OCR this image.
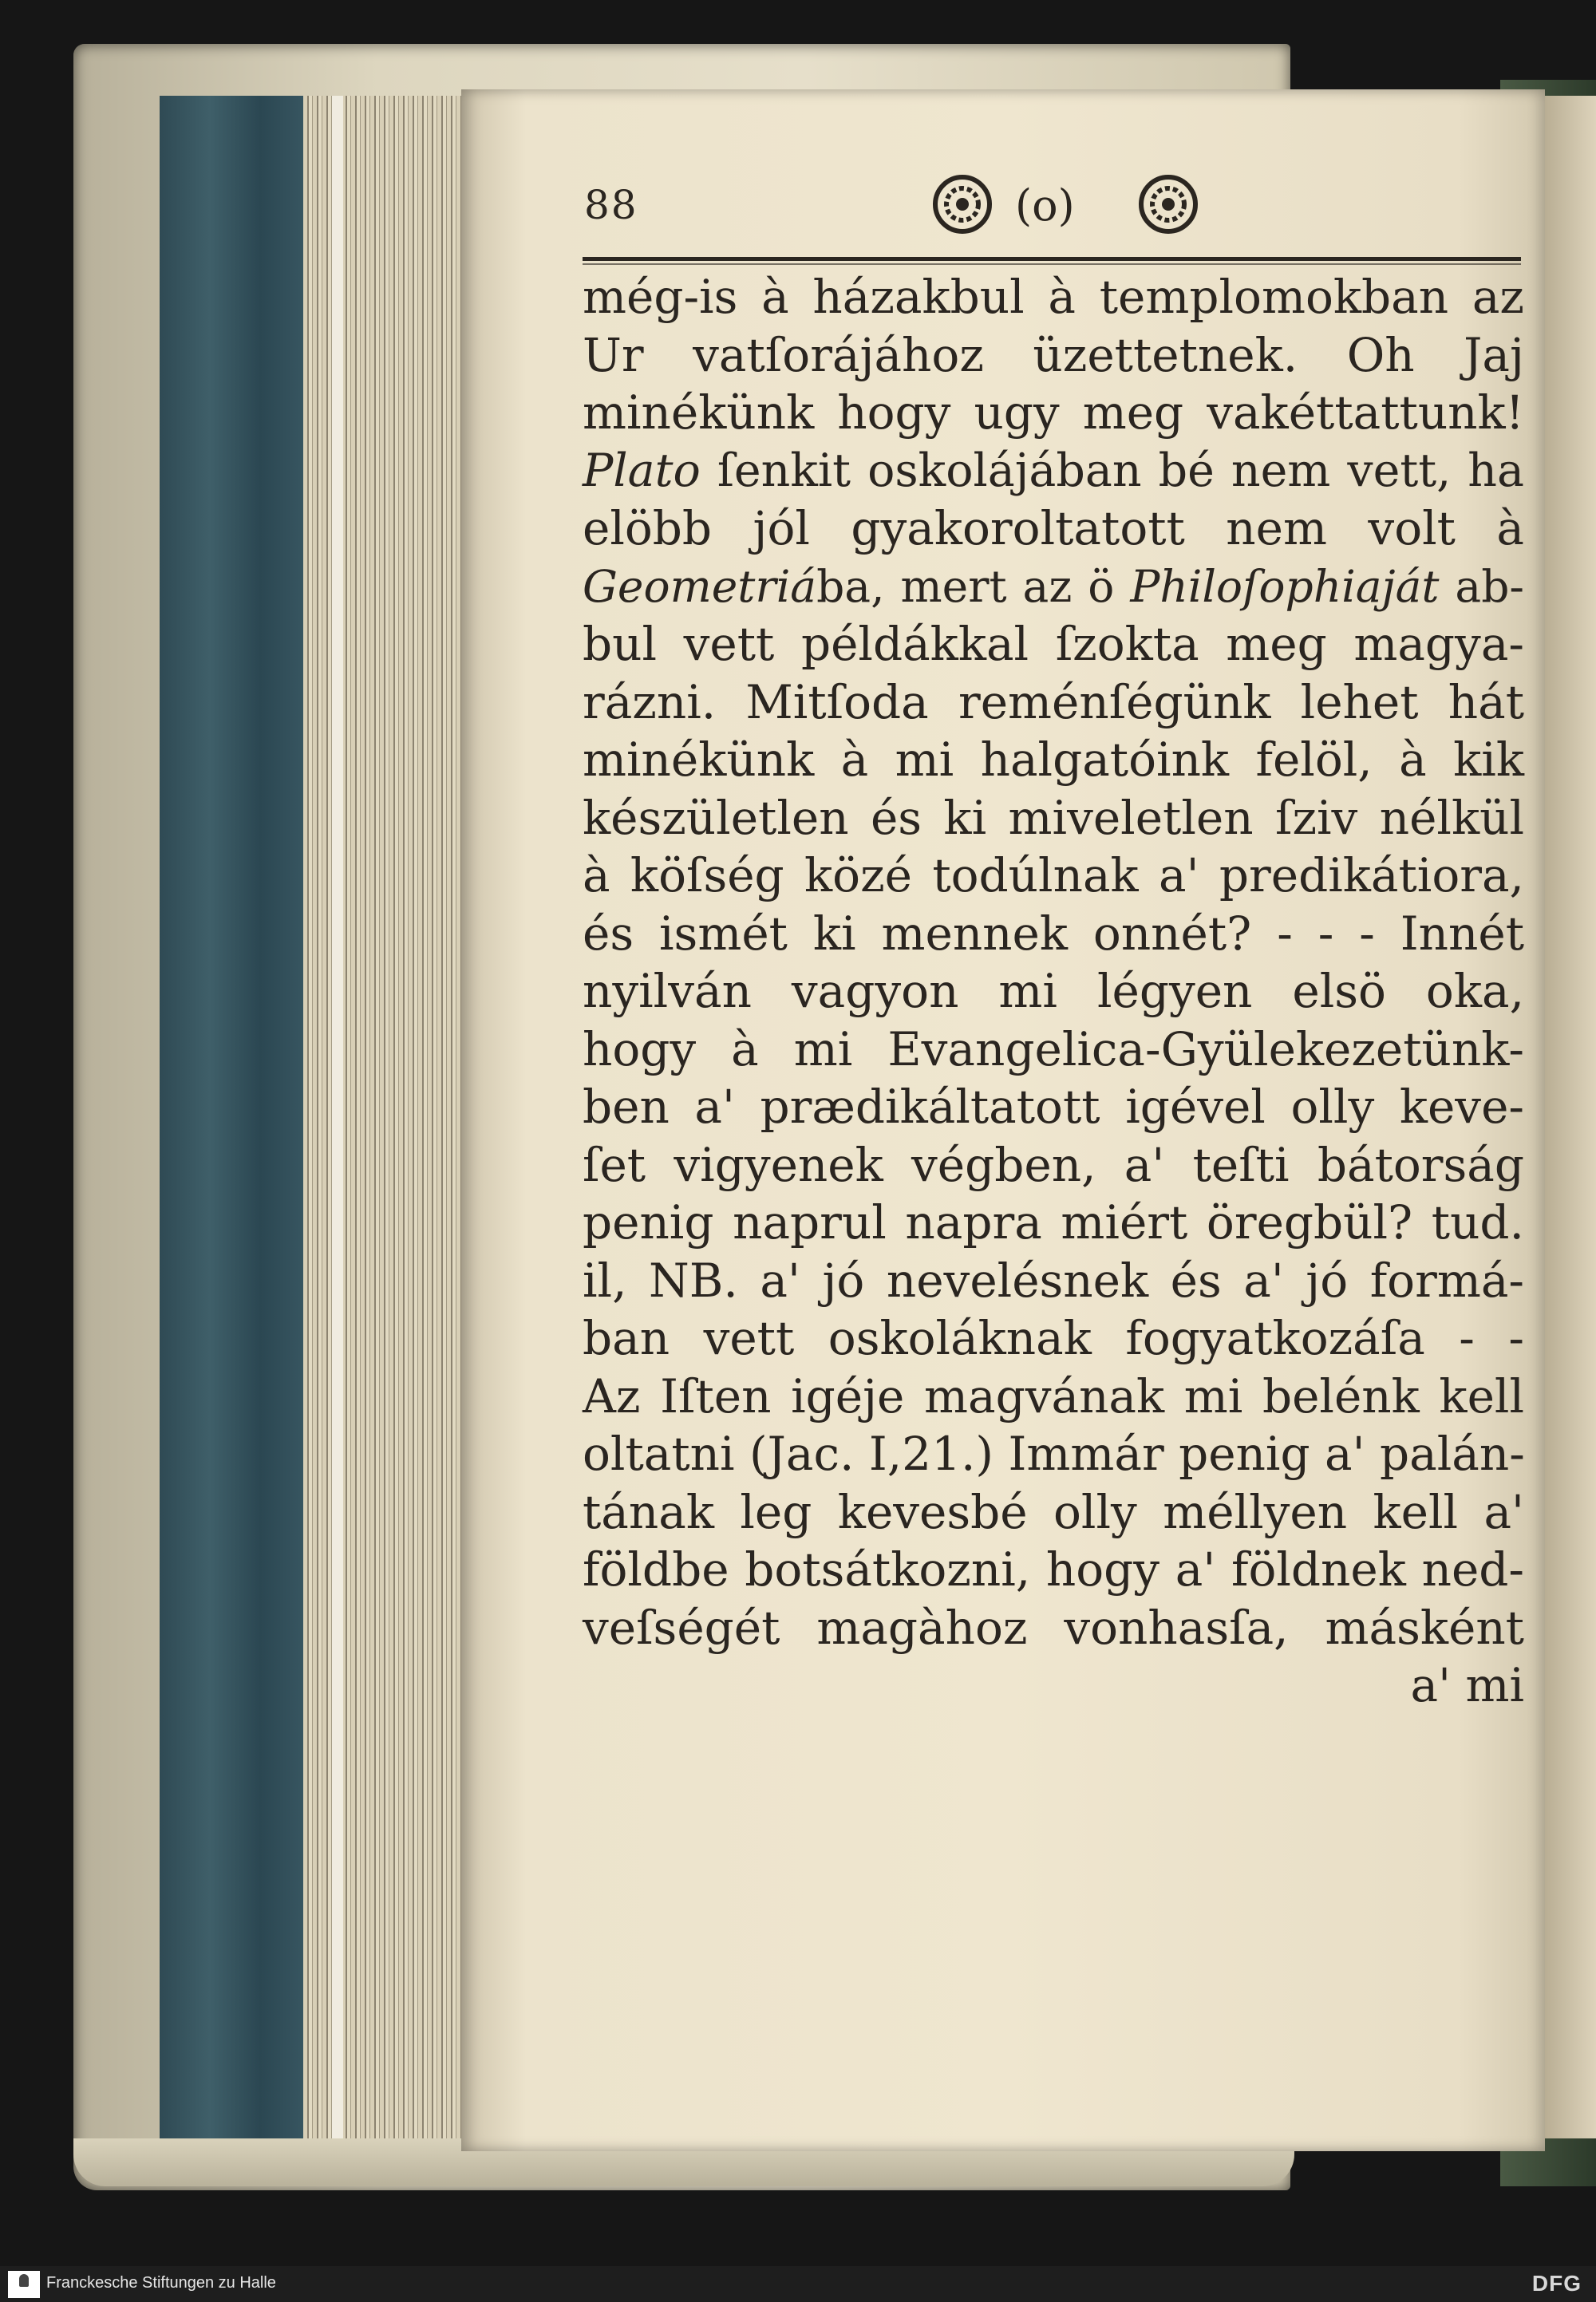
88	(o)
még-is à házakbul à templomokban az
Ur vatſorájához üzettetnek. Oh Jaj
minékünk hogy ugy meg vakéttattunk!
Plato ſenkit oskolájában bé nem vett, ha
elöbb jól gyakoroltatott nem volt à
Geometriába, mert az ö Philoſophiaját ab-
bul vett példákkal ſzokta meg magya-
rázni. Mitſoda reménſégünk lehet hát
minékünk à mi halgatóink felöl, à kik
készületlen és ki miveletlen ſziv nélkül
à köſség közé todúlnak a' predikátiora,
és ismét ki mennek onnét? - - - Innét
nyilván vagyon mi légyen elsö oka,
hogy à mi Evangelica-Gyülekezetünk-
ben a' prædikáltatott igével olly keve-
ſet vigyenek végben, a' teſti bátorság
penig naprul napra miért öregbül? tud.
il, NB. a' jó nevelésnek és a' jó formá-
ban vett oskoláknak fogyatkozáſa - -
Az Iſten igéje magvának mi belénk kell
oltatni (Jac. I,21.) Immár penig a' palán-
tának leg kevesbé olly méllyen kell a'
földbe botsátkozni, hogy a' földnek ned-
veſségét magàhoz vonhasſa, másként
a' mi
Franckesche Stiftungen zu Halle	DFG
